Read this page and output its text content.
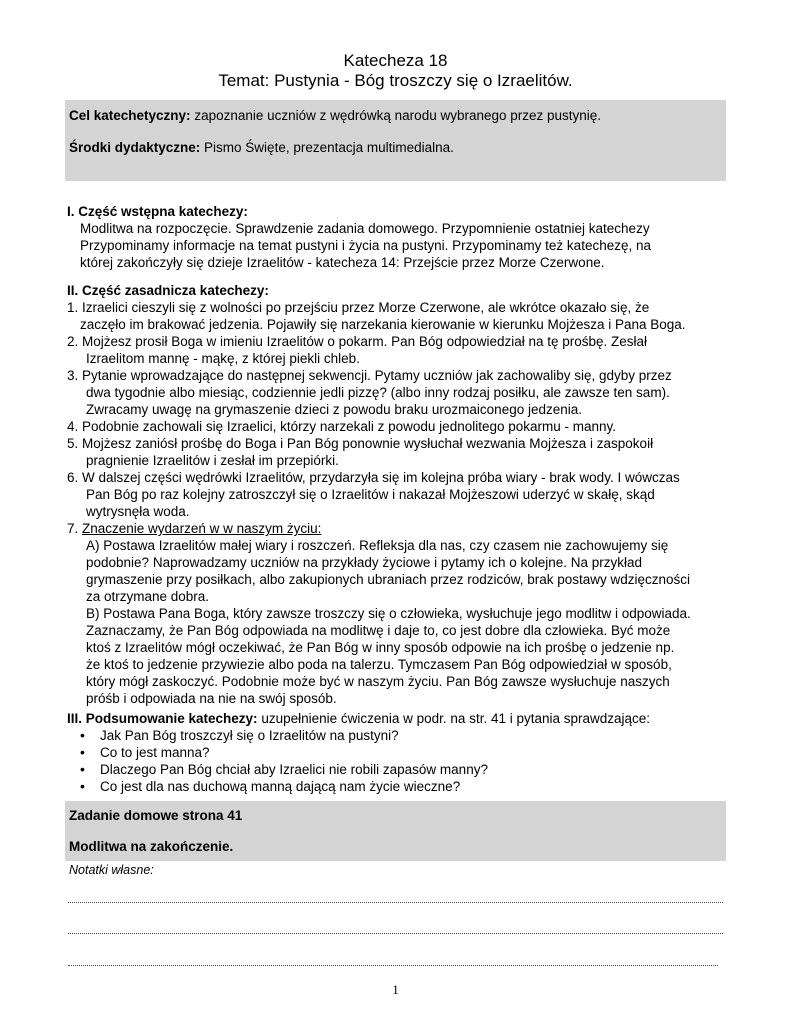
Katecheza 18
Temat: Pustynia - Bóg troszczy się o Izraelitów.
Cel katechetyczny: zapoznanie uczniów z wędrówką narodu wybranego przez pustynię.
Środki dydaktyczne: Pismo Święte, prezentacja multimedialna.
I. Część wstępna katechezy:
Modlitwa na rozpoczęcie. Sprawdzenie zadania domowego. Przypomnienie ostatniej katechezy
Przypominamy informacje na temat pustyni i życia na pustyni. Przypominamy też katechezę, na
której zakończyły się dzieje Izraelitów - katecheza 14: Przejście przez Morze Czerwone.
II. Część zasadnicza katechezy:
1. Izraelici cieszyli się z wolności po przejściu przez Morze Czerwone, ale wkrótce okazało się, że
zaczęło im brakować jedzenia. Pojawiły się narzekania kierowanie w kierunku Mojżesza i Pana Boga.
2. Mojżesz prosił Boga w imieniu Izraelitów o pokarm. Pan Bóg odpowiedział na tę prośbę. Zesłał
Izraelitom mannę - mąkę, z której piekli chleb.
3. Pytanie wprowadzające do następnej sekwencji. Pytamy uczniów jak zachowaliby się, gdyby przez
dwa tygodnie albo miesiąc, codziennie jedli pizzę? (albo inny rodzaj posiłku, ale zawsze ten sam).
Zwracamy uwagę na grymaszenie dzieci z powodu braku urozmaiconego jedzenia.
4. Podobnie zachowali się Izraelici, którzy narzekali z powodu jednolitego pokarmu - manny.
5. Mojżesz zaniósł prośbę do Boga i Pan Bóg ponownie wysłuchał wezwania Mojżesza i zaspokoił
pragnienie Izraelitów i zesłał im przepiórki.
6. W dalszej części wędrówki Izraelitów, przydarzyła się im kolejna próba wiary - brak wody. I wówczas
Pan Bóg po raz kolejny zatroszczył się o Izraelitów i nakazał Mojżeszowi uderzyć w skałę, skąd
wytrysnęła woda.
7. Znaczenie wydarzeń w w naszym życiu:
A) Postawa Izraelitów małej wiary i roszczeń. Refleksja dla nas, czy czasem nie zachowujemy się
podobnie? Naprowadzamy uczniów na przykłady życiowe i pytamy ich o kolejne. Na przykład
grymaszenie przy posiłkach, albo zakupionych ubraniach przez rodziców, brak postawy wdzięczności
za otrzymane dobra.
B) Postawa Pana Boga, który zawsze troszczy się o człowieka, wysłuchuje jego modlitw i odpowiada.
Zaznaczamy, że Pan Bóg odpowiada na modlitwę i daje to, co jest dobre dla człowieka. Być może
ktoś z Izraelitów mógł oczekiwać, że Pan Bóg w inny sposób odpowie na ich prośbę o jedzenie np.
że ktoś to jedzenie przywiezie albo poda na talerzu. Tymczasem Pan Bóg odpowiedział w sposób,
który mógł zaskoczyć. Podobnie może być w naszym życiu. Pan Bóg zawsze wysłuchuje naszych
próśb i odpowiada na nie na swój sposób.
III. Podsumowanie katechezy: uzupełnienie ćwiczenia w podr. na str. 41 i pytania sprawdzające:
• Jak Pan Bóg troszczył się o Izraelitów na pustyni?
• Co to jest manna?
• Dlaczego Pan Bóg chciał aby Izraelici nie robili zapasów manny?
• Co jest dla nas duchową manną dającą nam życie wieczne?
Zadanie domowe strona 41
Modlitwa na zakończenie.
Notatki własne:
1
